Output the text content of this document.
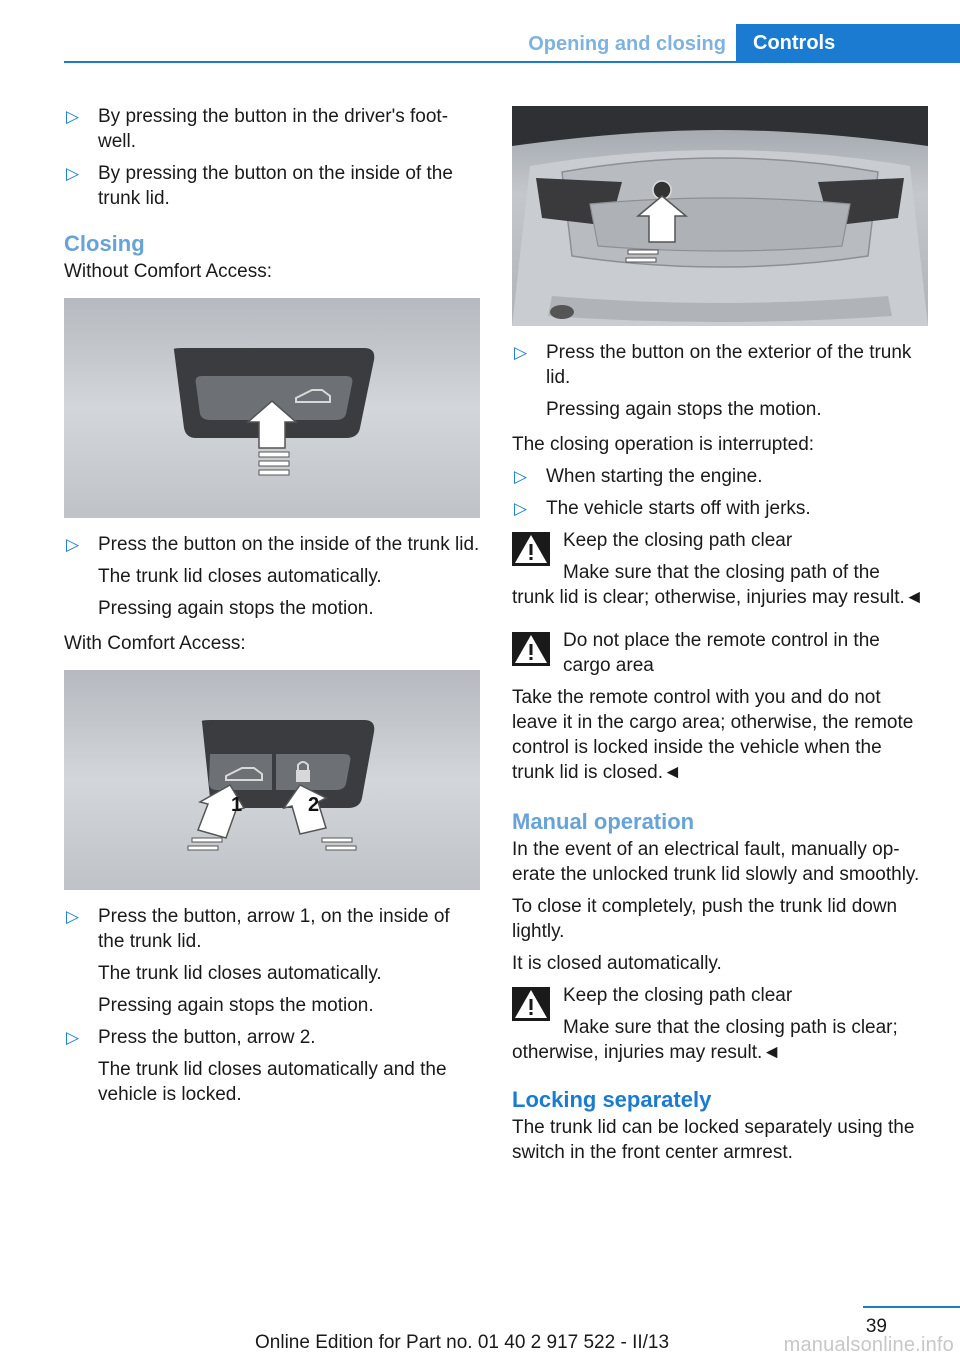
Opening and closing	Controls
▷ By pressing the button in the driver's foot‐well.
▷ By pressing the button on the inside of the trunk lid.
Closing

Without Comfort Access:

▷ Press the button on the inside of the trunk lid.
The trunk lid closes automatically.
Pressing again stops the motion.

With Comfort Access:

1	2
▷ Press the button, arrow 1, on the inside of the trunk lid.
The trunk lid closes automatically.
Pressing again stops the motion.
▷ Press the button, arrow 2.
The trunk lid closes automatically and the vehicle is locked.
▷ Press the button on the exterior of the trunk lid.
Pressing again stops the motion.

The closing operation is interrupted:

▷ When starting the engine.
▷ The vehicle starts off with jerks.
Keep the closing path clear
Make sure that the closing path of the
trunk lid is clear; otherwise, injuries may result.◄
Do not place the remote control in the cargo area
Take the remote control with you and do not leave it in the cargo area; otherwise, the remote control is locked inside the vehicle when the trunk lid is closed.◄
Manual operation

In the event of an electrical fault, manually op‐erate the unlocked trunk lid slowly and smoothly.

To close it completely, push the trunk lid down lightly.

It is closed automatically.

Keep the closing path clear
Make sure that the closing path is clear;
otherwise, injuries may result.◄
Locking separately

The trunk lid can be locked separately using the switch in the front center armrest.

39
Online Edition for Part no. 01 40 2 917 522 - II/13	manualsonline.info
